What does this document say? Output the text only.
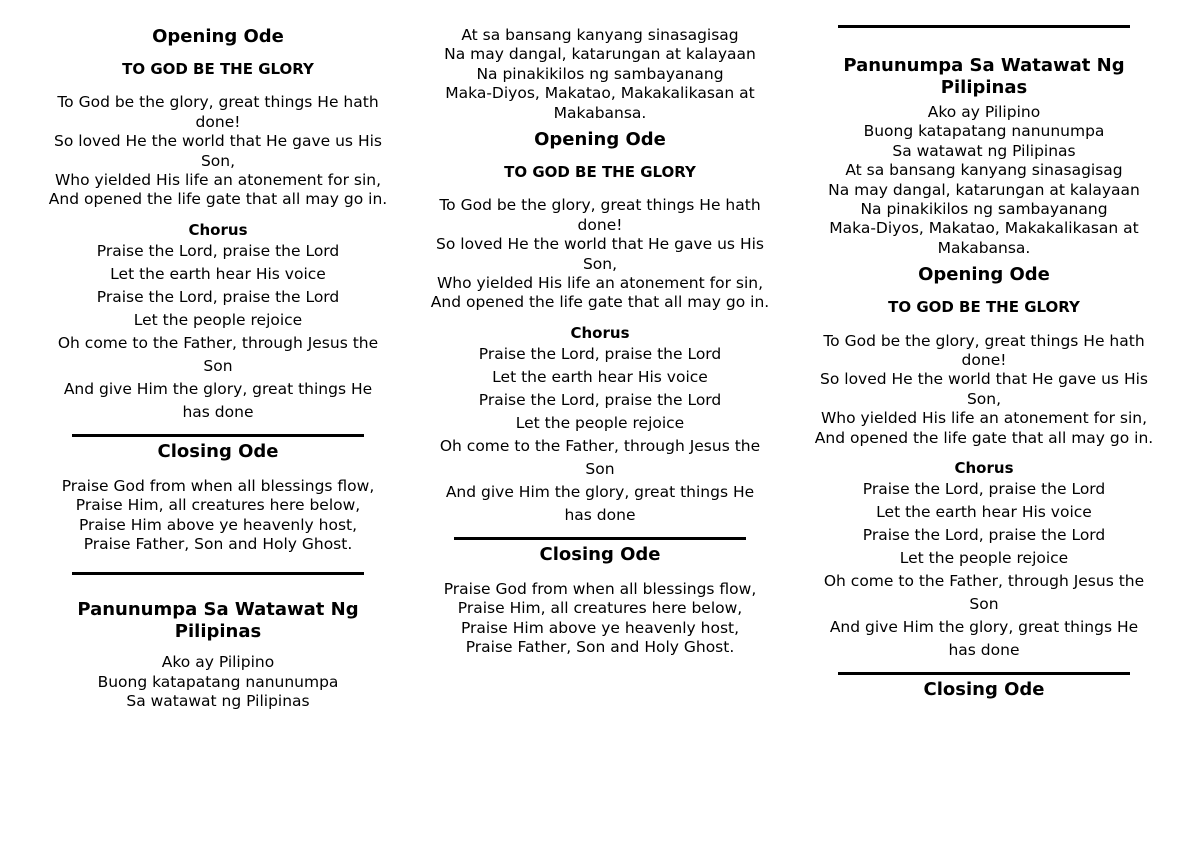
Opening Ode
TO GOD BE THE GLORY
To God be the glory, great things He hath done!
So loved He the world that He gave us His Son,
Who yielded His life an atonement for sin,
And opened the life gate that all may go in.
Chorus
Praise the Lord, praise the Lord
Let the earth hear His voice
Praise the Lord, praise the Lord
Let the people rejoice
Oh come to the Father, through Jesus the Son
And give Him the glory, great things He has done
Closing Ode
Praise God from when all blessings flow,
Praise Him, all creatures here below,
Praise Him above ye heavenly host,
Praise Father, Son and Holy Ghost.
Panunumpa Sa Watawat Ng Pilipinas
Ako ay Pilipino
Buong katapatang nanunumpa
Sa watawat ng Pilipinas
At sa bansang kanyang sinasagisag
Na may dangal, katarungan at kalayaan
Na pinakikilos ng sambayanang
Maka-Diyos, Makatao, Makakalikasan at Makabansa.
Opening Ode
TO GOD BE THE GLORY
To God be the glory, great things He hath done!
So loved He the world that He gave us His Son,
Who yielded His life an atonement for sin,
And opened the life gate that all may go in.
Chorus
Praise the Lord, praise the Lord
Let the earth hear His voice
Praise the Lord, praise the Lord
Let the people rejoice
Oh come to the Father, through Jesus the Son
And give Him the glory, great things He has done
Closing Ode
Praise God from when all blessings flow,
Praise Him, all creatures here below,
Praise Him above ye heavenly host,
Praise Father, Son and Holy Ghost.
Panunumpa Sa Watawat Ng Pilipinas
Ako ay Pilipino
Buong katapatang nanunumpa
Sa watawat ng Pilipinas
At sa bansang kanyang sinasagisag
Na may dangal, katarungan at kalayaan
Na pinakikilos ng sambayanang
Maka-Diyos, Makatao, Makakalikasan at Makabansa.
Opening Ode
TO GOD BE THE GLORY
To God be the glory, great things He hath done!
So loved He the world that He gave us His Son,
Who yielded His life an atonement for sin,
And opened the life gate that all may go in.
Chorus
Praise the Lord, praise the Lord
Let the earth hear His voice
Praise the Lord, praise the Lord
Let the people rejoice
Oh come to the Father, through Jesus the Son
And give Him the glory, great things He has done
Closing Ode
